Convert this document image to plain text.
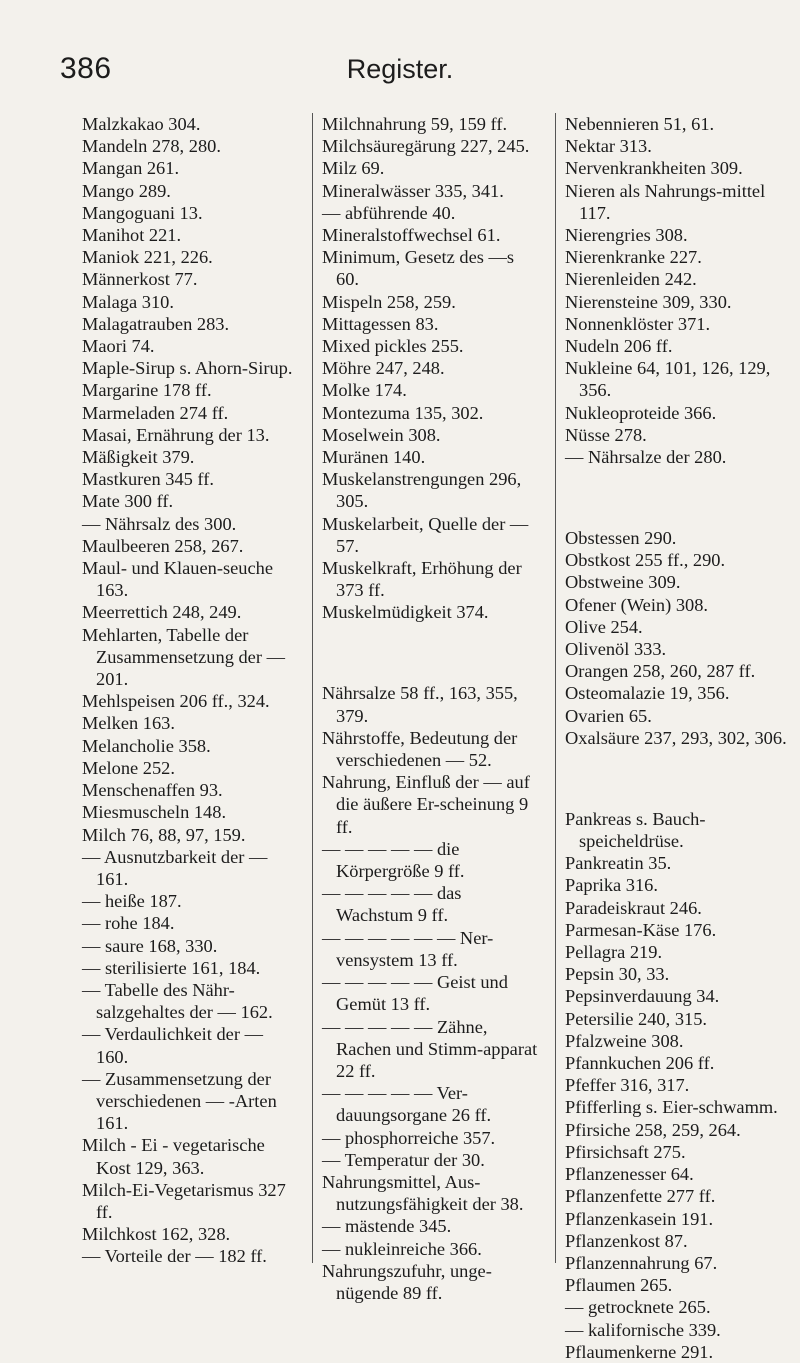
386	Register.

Malzkakao 304.

Mandeln 278, 280.

Mangan 261.

Mango 289.

Mangoguani 13.

Manihot 221.

Maniok 221, 226.

Männerkost 77.

Malaga 310.

Malagatrauben 283.

Maori 74.

Maple-Sirup s. Ahorn-Sirup.

Margarine 178 ff.

Marmeladen 274 ff.

Masai, Ernährung der 13.

Mäßigkeit 379.

Mastkuren 345 ff.

Mate 300 ff.

— Nährsalz des 300.

Maulbeeren 258, 267.

Maul- und Klauen-seuche 163.

Meerrettich 248, 249.

Mehlarten, Tabelle der Zusammensetzung der — 201.

Mehlspeisen 206 ff., 324.

Melken 163.

Melancholie 358.

Melone 252.

Menschenaffen 93.

Miesmuscheln 148.

Milch 76, 88, 97, 159.

— Ausnutzbarkeit der — 161.

— heiße 187.

— rohe 184.

— saure 168, 330.

— sterilisierte 161, 184.

— Tabelle des Nähr-salzgehaltes der — 162.

— Verdaulichkeit der — 160.

— Zusammensetzung der verschiedenen — -Arten 161.

Milch - Ei - vegetarische Kost 129, 363.

Milch-Ei-Vegetarismus 327 ff.

Milchkost 162, 328.

— Vorteile der — 182 ff.

Milchnahrung 59, 159 ff.

Milchsäuregärung 227, 245.

Milz 69.

Mineralwässer 335, 341.

— abführende 40.

Mineralstoffwechsel 61.

Minimum, Gesetz des —s 60.

Mispeln 258, 259.

Mittagessen 83.

Mixed pickles 255.

Möhre 247, 248.

Molke 174.

Montezuma 135, 302.

Moselwein 308.

Muränen 140.

Muskelanstrengungen 296, 305.

Muskelarbeit, Quelle der — 57.

Muskelkraft, Erhöhung der 373 ff.

Muskelmüdigkeit 374.

Nährsalze 58 ff., 163, 355, 379.

Nährstoffe, Bedeutung der verschiedenen — 52.

Nahrung, Einfluß der — auf die äußere Er-scheinung 9 ff.

— — — — — die Körpergröße 9 ff.

— — — — — das Wachstum 9 ff.

— — — — — — Ner-vensystem 13 ff.

— — — — — Geist und Gemüt 13 ff.

— — — — — Zähne, Rachen und Stimm-apparat 22 ff.

— — — — — Ver-dauungsorgane 26 ff.

— phosphorreiche 357.

— Temperatur der 30.

Nahrungsmittel, Aus-nutzungsfähigkeit der 38.

— mästende 345.

— nukleinreiche 366.

Nahrungszufuhr, unge-nügende 89 ff.

Nebennieren 51, 61.

Nektar 313.

Nervenkrankheiten 309.

Nieren als Nahrungs-mittel 117.

Nierengries 308.

Nierenkranke 227.

Nierenleiden 242.

Nierensteine 309, 330.

Nonnenklöster 371.

Nudeln 206 ff.

Nukleine 64, 101, 126, 129, 356.

Nukleoproteide 366.

Nüsse 278.

— Nährsalze der 280.

Obstessen 290.

Obstkost 255 ff., 290.

Obstweine 309.

Ofener (Wein) 308.

Olive 254.

Olivenöl 333.

Orangen 258, 260, 287 ff.

Osteomalazie 19, 356.

Ovarien 65.

Oxalsäure 237, 293, 302, 306.

Pankreas s. Bauch-speicheldrüse.

Pankreatin 35.

Paprika 316.

Paradeiskraut 246.

Parmesan-Käse 176.

Pellagra 219.

Pepsin 30, 33.

Pepsinverdauung 34.

Petersilie 240, 315.

Pfalzweine 308.

Pfannkuchen 206 ff.

Pfeffer 316, 317.

Pfifferling s. Eier-schwamm.

Pfirsiche 258, 259, 264.

Pfirsichsaft 275.

Pflanzenesser 64.

Pflanzenfette 277 ff.

Pflanzenkasein 191.

Pflanzenkost 87.

Pflanzennahrung 67.

Pflaumen 265.

— getrocknete 265.

— kalifornische 339.

Pflaumenkerne 291.
